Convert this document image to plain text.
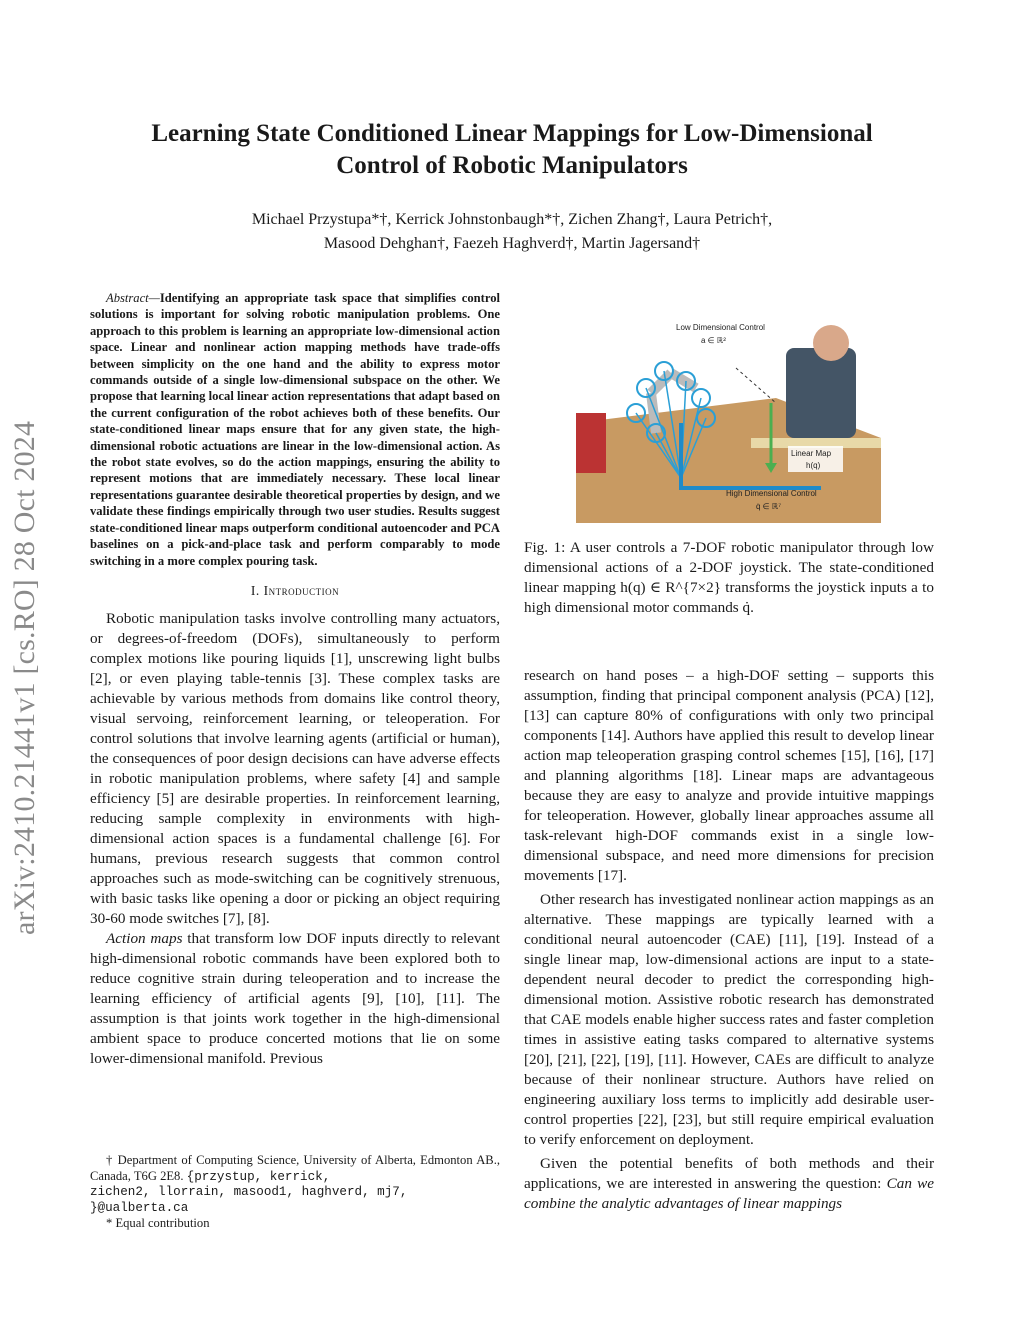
arXiv:2410.21441v1 [cs.RO] 28 Oct 2024
Learning State Conditioned Linear Mappings for Low-Dimensional
Control of Robotic Manipulators
Michael Przystupa*†, Kerrick Johnstonbaugh*†, Zichen Zhang†, Laura Petrich†,
Masood Dehghan†, Faezeh Haghverd†, Martin Jagersand†

Abstract—Identifying an appropriate task space that simplifies control solutions is important for solving robotic manipulation problems. One approach to this problem is learning an appropriate low-dimensional action space. Linear and nonlinear action mapping methods have trade-offs between simplicity on the one hand and the ability to express motor commands outside of a single low-dimensional subspace on the other. We propose that learning local linear action representations that adapt based on the current configuration of the robot achieves both of these benefits. Our state-conditioned linear maps ensure that for any given state, the high-dimensional robotic actuations are linear in the low-dimensional action. As the robot state evolves, so do the action mappings, ensuring the ability to represent motions that are immediately necessary. These local linear representations guarantee desirable theoretical properties by design, and we validate these findings empirically through two user studies. Results suggest state-conditioned linear maps outperform conditional autoencoder and PCA baselines on a pick-and-place task and perform comparably to mode switching in a more complex pouring task.

I. Introduction

Robotic manipulation tasks involve controlling many actuators, or degrees-of-freedom (DOFs), simultaneously to perform complex motions like pouring liquids [1], unscrewing light bulbs [2], or even playing table-tennis [3]. These complex tasks are achievable by various methods from domains like control theory, visual servoing, reinforcement learning, or teleoperation. For control solutions that involve learning agents (artificial or human), the consequences of poor design decisions can have adverse effects in robotic manipulation problems, where safety [4] and sample efficiency [5] are desirable properties. In reinforcement learning, reducing sample complexity in environments with high-dimensional action spaces is a fundamental challenge [6]. For humans, previous research suggests that common control approaches such as mode-switching can be cognitively strenuous, with basic tasks like opening a door or picking an object requiring 30-60 mode switches [7], [8].

Action maps that transform low DOF inputs directly to relevant high-dimensional robotic commands have been explored both to reduce cognitive strain during teleoperation and to increase the learning efficiency of artificial agents [9], [10], [11]. The assumption is that joints work together in the high-dimensional ambient space to produce concerted motions that lie on some lower-dimensional manifold. Previous

† Department of Computing Science, University of Alberta, Edmonton AB., Canada, T6G 2E8. {przystup, kerrick,
zichen2, llorrain, masood1, haghverd, mj7,
}@ualberta.ca
* Equal contribution
Low Dimensional Control
a ∈ ℝ²
Linear Map
h(q)
High Dimensional Control
q̇ ∈ ℝ⁷
Fig. 1: A user controls a 7-DOF robotic manipulator through low dimensional actions of a 2-DOF joystick. The state-conditioned linear mapping h(q) ∈ R^{7×2} transforms the joystick inputs a to high dimensional motor commands q̇.

research on hand poses – a high-DOF setting – supports this assumption, finding that principal component analysis (PCA) [12], [13] can capture 80% of configurations with only two principal components [14]. Authors have applied this result to develop linear action map teleoperation grasping control schemes [15], [16], [17] and planning algorithms [18]. Linear maps are advantageous because they are easy to analyze and provide intuitive mappings for teleoperation. However, globally linear approaches assume all task-relevant high-DOF commands exist in a single low-dimensional subspace, and need more dimensions for precision movements [17].

Other research has investigated nonlinear action mappings as an alternative. These mappings are typically learned with a conditional neural autoencoder (CAE) [11], [19]. Instead of a single linear map, low-dimensional actions are input to a state-dependent neural decoder to predict the corresponding high-dimensional motion. Assistive robotic research has demonstrated that CAE models enable higher success rates and faster completion times in assistive eating tasks compared to alternative systems [20], [21], [22], [19], [11]. However, CAEs are difficult to analyze because of their nonlinear structure. Authors have relied on engineering auxiliary loss terms to implicitly add desirable user-control properties [22], [23], but still require empirical evaluation to verify enforcement on deployment.

Given the potential benefits of both methods and their applications, we are interested in answering the question: Can we combine the analytic advantages of linear mappings
